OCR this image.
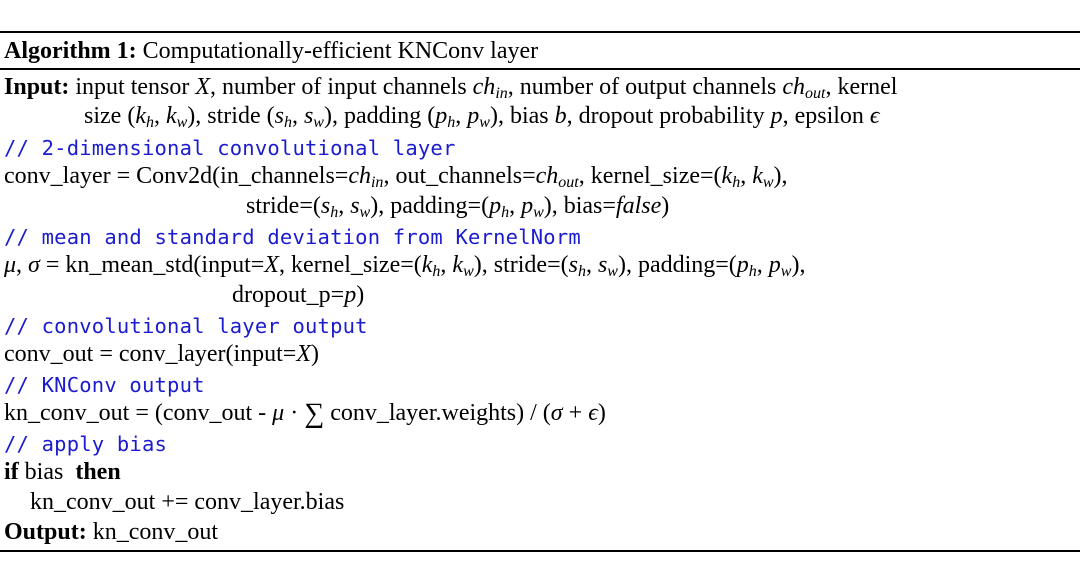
Algorithm 1: Computationally-efficient KNConv layer
Input: input tensor X, number of input channels $ch_{in}$, number of output channels $ch_{out}$, kernel
size ($k_h$, $k_w$), stride ($s_h$, $s_w$), padding ($p_h$, $p_w$), bias b, dropout probability p, epsilon ϵ
// 2-dimensional convolutional layer
conv_layer = $Conv2d(in\_channels=ch_{in}$, $out\_channels=ch_{out}$, $kernel\_size=(k_h$, $k_w$),
$stride=(s_h$, $s_w$), $padding=(p_h$, $p_w$), bias=false)
// mean and standard deviation from KernelNorm
μ, σ = kn_mean_std(input=X, $kernel\_size=(k_h$, $k_w$), $stride=(s_h$, $s_w$), $padding=(p_h$, $p_w$),
dropout_p=p)
// convolutional layer output
conv_out = conv_layer(input=X)
// KNConv output
kn_conv_out = (conv_out - μ · ∑ conv_layer.weights) / (σ + ϵ)
// apply bias
if bias  then
kn_conv_out += conv_layer.bias
Output: kn_conv_out
